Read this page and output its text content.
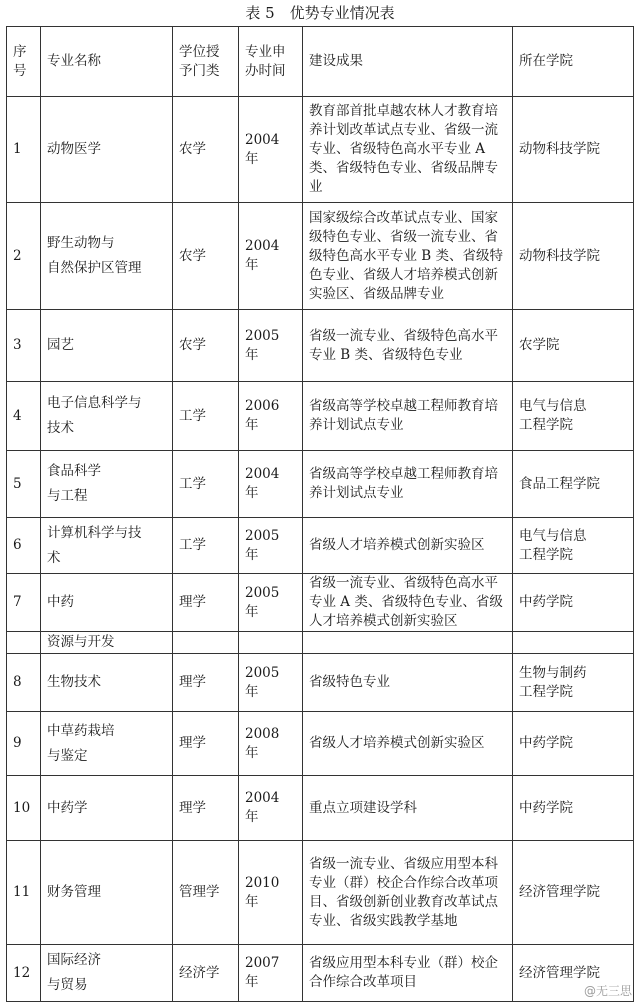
表 5　优势专业情况表
序
号	专业名称	学位授
予门类	专业申
办时间	建设成果	所在学院
1	动物医学	农学	2004 年	教育部首批卓越农林人才教育培养计划改革试点专业、省级一流专业、省级特色高水平专业 A 类、省级特色专业、省级品牌专业	动物科技学院

2	野生动物与
自然保护区管理	农学	2004 年	国家级综合改革试点专业、国家级特色专业、省级一流专业、省级特色高水平专业 B 类、省级特色专业、省级人才培养模式创新实验区、省级品牌专业	动物科技学院

3	园艺	农学	2005 年	省级一流专业、省级特色高水平专业 B 类、省级特色专业	农学院

4	电子信息科学与
技术	工学	2006 年	省级高等学校卓越工程师教育培养计划试点专业	电气与信息
工程学院

5	食品科学
与工程	工学	2004 年	省级高等学校卓越工程师教育培养计划试点专业	食品工程学院

6	计算机科学与技
术	工学	2005 年	省级人才培养模式创新实验区	电气与信息
工程学院

7	中药	理学	2005 年	省级一流专业、省级特色高水平专业 A 类、省级特色专业、省级人才培养模式创新实验区	中药学院

	资源与开发				

8	生物技术	理学	2005 年	省级特色专业	生物与制药
工程学院

9	中草药栽培
与鉴定	理学	2008 年	省级人才培养模式创新实验区	中药学院

10	中药学	理学	2004 年	重点立项建设学科	中药学院

11	财务管理	管理学	2010 年	省级一流专业、省级应用型本科专业（群）校企合作综合改革项目、省级创新创业教育改革试点专业、省级实践教学基地	经济管理学院

12	国际经济
与贸易	经济学	2007 年	省级应用型本科专业（群）校企合作综合改革项目	经济管理学院
@无三思
